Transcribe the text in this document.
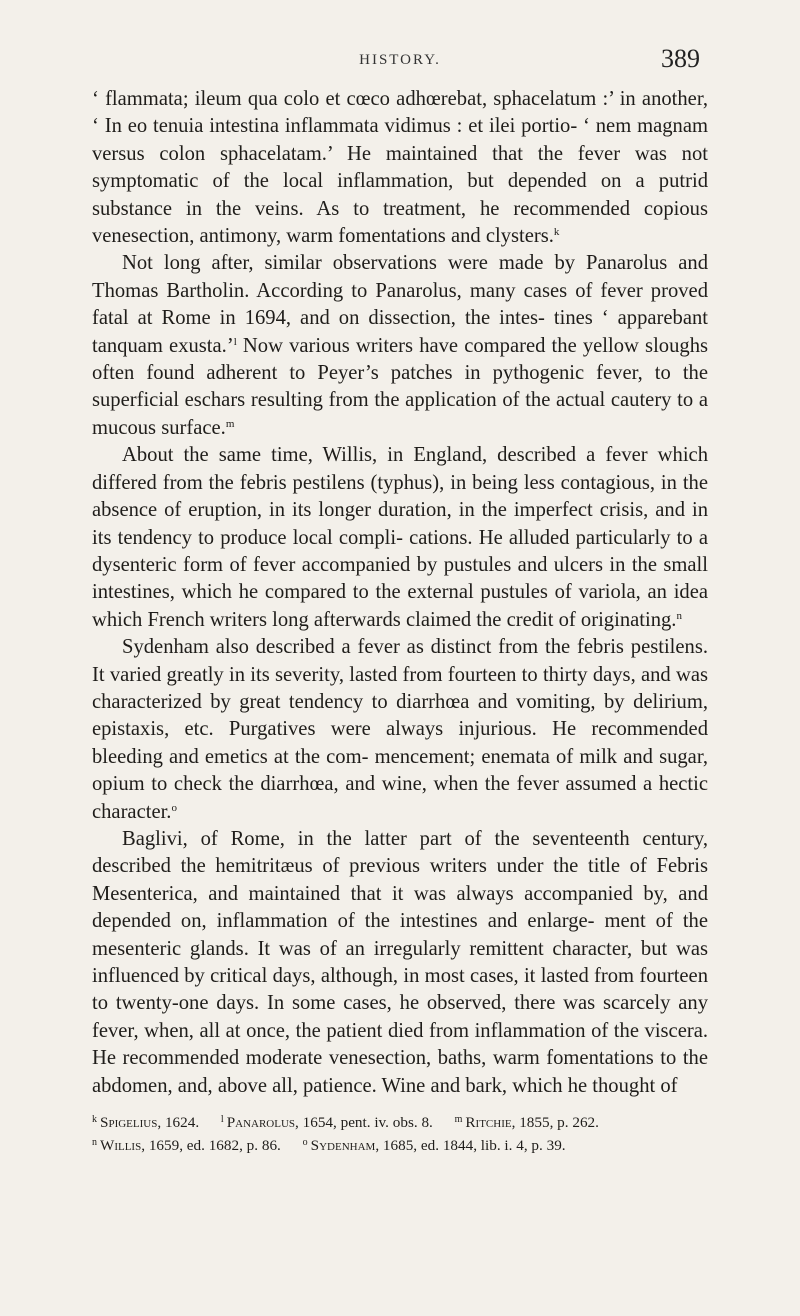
HISTORY.	389

‘ flammata; ileum qua colo et cœco adhœrebat, sphacelatum :’ in another, ‘ In eo tenuia intestina inflammata vidimus : et ilei portio- ‘ nem magnam versus colon sphacelatam.’ He maintained that the fever was not symptomatic of the local inflammation, but depended on a putrid substance in the veins. As to treatment, he recommended copious venesection, antimony, warm fomentations and clysters.$^k$

Not long after, similar observations were made by Panarolus and Thomas Bartholin. According to Panarolus, many cases of fever proved fatal at Rome in 1694, and on dissection, the intes- tines ‘ apparebant tanquam exusta.’$^l$ Now various writers have compared the yellow sloughs often found adherent to Peyer’s patches in pythogenic fever, to the superficial eschars resulting from the application of the actual cautery to a mucous surface.$^m$

About the same time, Willis, in England, described a fever which differed from the febris pestilens (typhus), in being less contagious, in the absence of eruption, in its longer duration, in the imperfect crisis, and in its tendency to produce local compli- cations. He alluded particularly to a dysenteric form of fever accompanied by pustules and ulcers in the small intestines, which he compared to the external pustules of variola, an idea which French writers long afterwards claimed the credit of originating.$^n$

Sydenham also described a fever as distinct from the febris pestilens. It varied greatly in its severity, lasted from fourteen to thirty days, and was characterized by great tendency to diarrhœa and vomiting, by delirium, epistaxis, etc. Purgatives were always injurious. He recommended bleeding and emetics at the com- mencement; enemata of milk and sugar, opium to check the diarrhœa, and wine, when the fever assumed a hectic character.$^o$

Baglivi, of Rome, in the latter part of the seventeenth century, described the hemitritæus of previous writers under the title of Febris Mesenterica, and maintained that it was always accompanied by, and depended on, inflammation of the intestines and enlarge- ment of the mesenteric glands. It was of an irregularly remittent character, but was influenced by critical days, although, in most cases, it lasted from fourteen to twenty-one days. In some cases, he observed, there was scarcely any fever, when, all at once, the patient died from inflammation of the viscera. He recommended moderate venesection, baths, warm fomentations to the abdomen, and, above all, patience. Wine and bark, which he thought of

$^k$ Spigelius, 1624. $^l$ Panarolus, 1654, pent. iv. obs. 8. $^m$ Ritchie, 1855, p. 262.

$^n$ Willis, 1659, ed. 1682, p. 86. $^o$ Sydenham, 1685, ed. 1844, lib. i. 4, p. 39.
